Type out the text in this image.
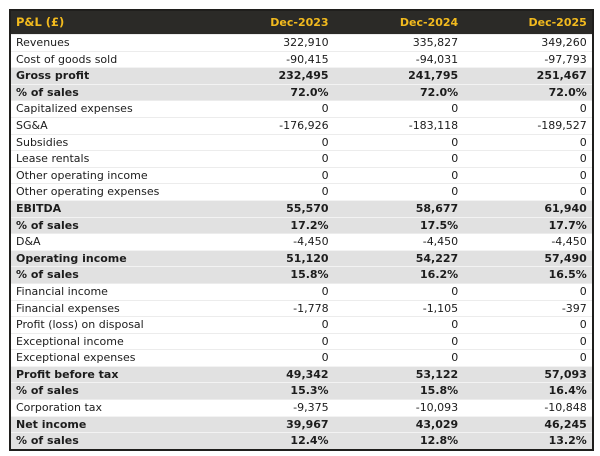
P&L (£)	Dec-2023	Dec-2024	Dec-2025
Revenues	322,910	335,827	349,260
Cost of goods sold	-90,415	-94,031	-97,793
Gross profit	232,495	241,795	251,467
% of sales	72.0%	72.0%	72.0%
Capitalized expenses	0	0	0
SG&A	-176,926	-183,118	-189,527
Subsidies	0	0	0
Lease rentals	0	0	0
Other operating income	0	0	0
Other operating expenses	0	0	0
EBITDA	55,570	58,677	61,940
% of sales	17.2%	17.5%	17.7%
D&A	-4,450	-4,450	-4,450
Operating income	51,120	54,227	57,490
% of sales	15.8%	16.2%	16.5%
Financial income	0	0	0
Financial expenses	-1,778	-1,105	-397
Profit (loss) on disposal	0	0	0
Exceptional income	0	0	0
Exceptional expenses	0	0	0
Profit before tax	49,342	53,122	57,093
% of sales	15.3%	15.8%	16.4%
Corporation tax	-9,375	-10,093	-10,848
Net income	39,967	43,029	46,245
% of sales	12.4%	12.8%	13.2%
